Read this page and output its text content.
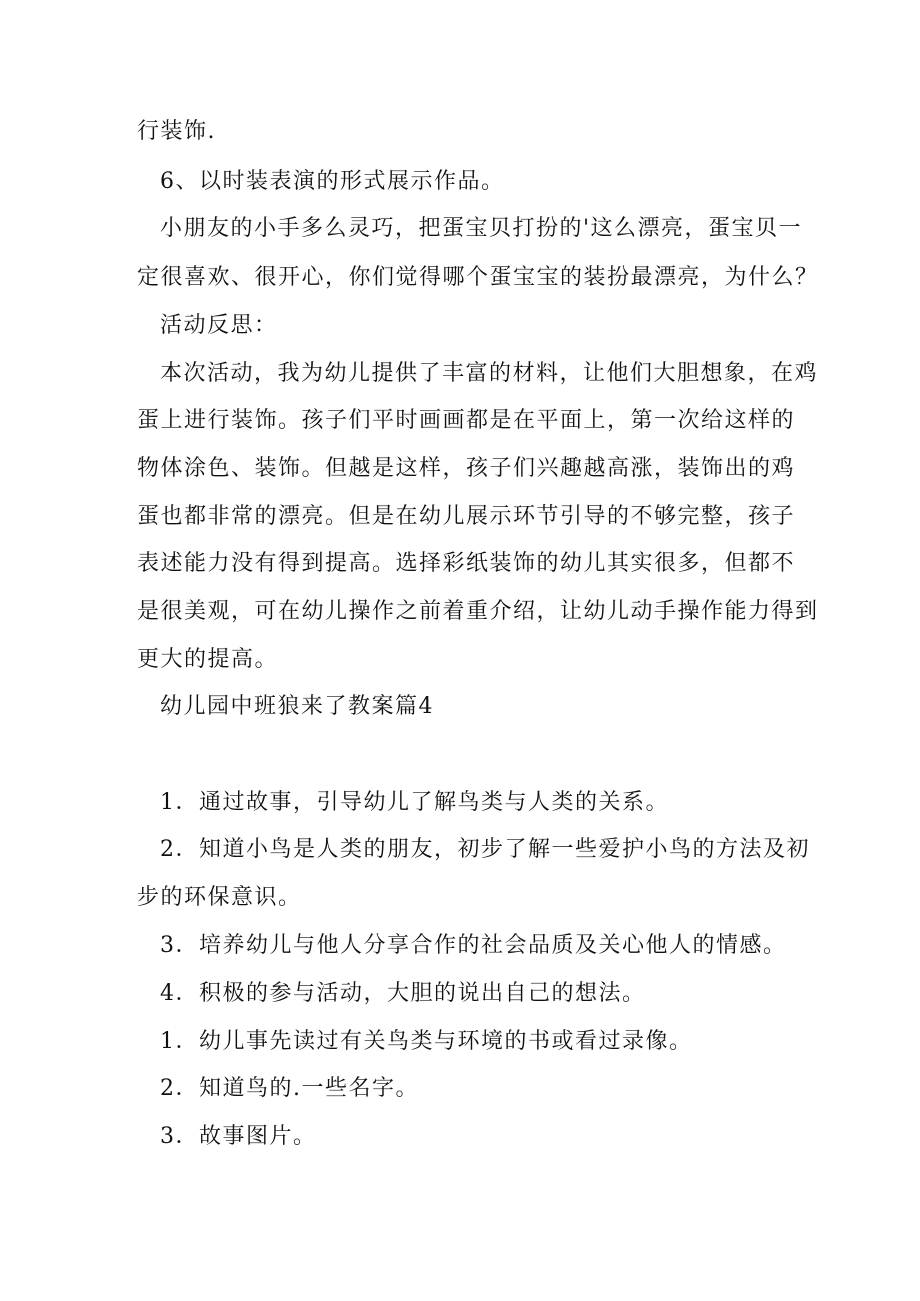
行装饰.
6、以时装表演的形式展示作品。
小朋友的小手多么灵巧，把蛋宝贝打扮的'这么漂亮，蛋宝贝一
定很喜欢、很开心，你们觉得哪个蛋宝宝的装扮最漂亮，为什么？
活动反思：
本次活动，我为幼儿提供了丰富的材料，让他们大胆想象，在鸡
蛋上进行装饰。孩子们平时画画都是在平面上，第一次给这样的
物体涂色、装饰。但越是这样，孩子们兴趣越高涨，装饰出的鸡
蛋也都非常的漂亮。但是在幼儿展示环节引导的不够完整，孩子
表述能力没有得到提高。选择彩纸装饰的幼儿其实很多，但都不
是很美观，可在幼儿操作之前着重介绍，让幼儿动手操作能力得到
更大的提高。
幼儿园中班狼来了教案篇4
1．通过故事，引导幼儿了解鸟类与人类的关系。
2．知道小鸟是人类的朋友，初步了解一些爱护小鸟的方法及初
步的环保意识。
3．培养幼儿与他人分享合作的社会品质及关心他人的情感。
4．积极的参与活动，大胆的说出自己的想法。
1．幼儿事先读过有关鸟类与环境的书或看过录像。
2．知道鸟的.一些名字。
3．故事图片。
